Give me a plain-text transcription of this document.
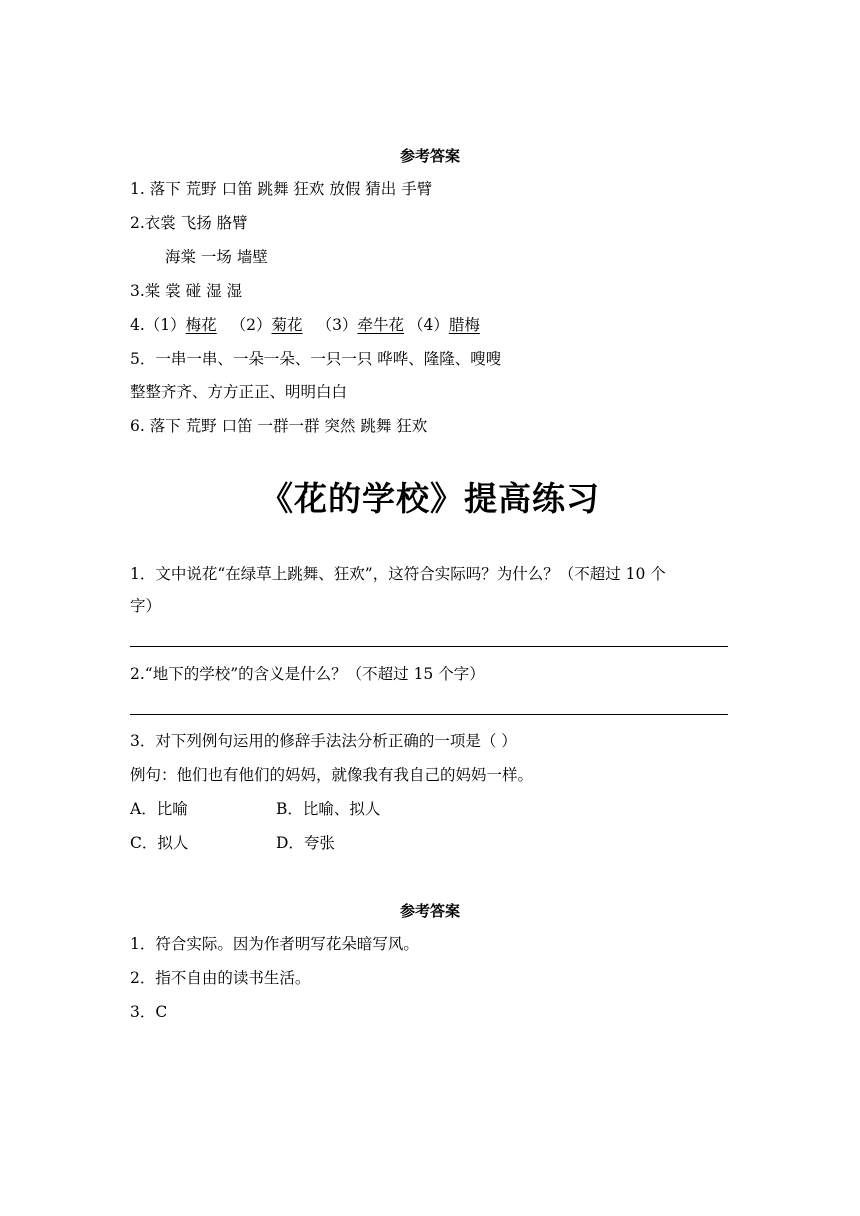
参考答案
1. 落下 荒野 口笛 跳舞 狂欢 放假 猜出 手臂
2.衣裳 飞扬 胳臂
海棠 一场 墙壁
3.棠 裳 碰 湿 湿
4.（1）梅花 （2）菊花 （3）牵牛花 （4）腊梅
5．一串一串、一朵一朵、一只一只 哗哗、隆隆、嗖嗖
整整齐齐、方方正正、明明白白
6. 落下 荒野 口笛 一群一群 突然 跳舞 狂欢
《花的学校》提高练习
1．文中说花“在绿草上跳舞、狂欢”，这符合实际吗？为什么？（不超过 10 个
字）
2.“地下的学校”的含义是什么？（不超过 15 个字）
3．对下列例句运用的修辞手法法分析正确的一项是（ ）
例句：他们也有他们的妈妈，就像我有我自己的妈妈一样。
A．比喻	B．比喻、拟人
C．拟人	D．夸张
参考答案
1．符合实际。因为作者明写花朵暗写风。
2．指不自由的读书生活。
3．C
